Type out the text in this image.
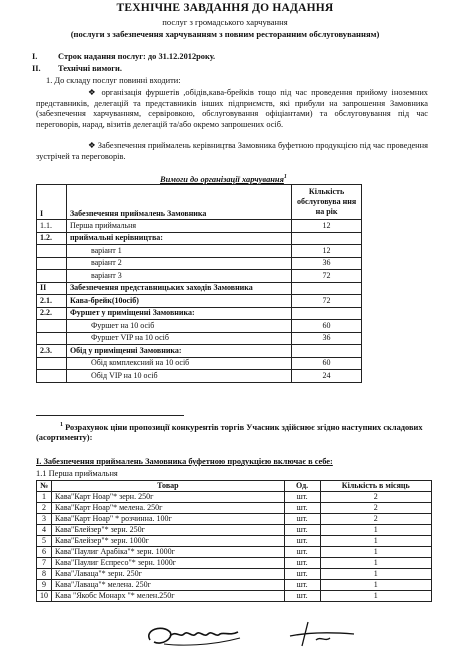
ТЕХНІЧНЕ ЗАВДАННЯ ДО НАДАННЯ
послуг з громадського харчування
(послуги з забезпечення харчуванням з повним ресторанним обслуговуванням)
I. Строк надання послуг: до 31.12.2012року.
II. Технічні вимоги.
1. До складу послуг повинні входити:
❖ організація фуршетів ,обідів,кава-брейків тощо під час проведення прийому іноземних представників, делегацій та представників інших підприємств, які прибули на запрошення Замовника (забезпечення харчуванням, сервіровкою, обслуговування офіціантами) та обслуговування під час переговорів, нарад, візитів делегацій та/або окремо запрошених осіб.
❖ Забезпечення приймалень керівництва Замовника буфетною продукцією під час проведення зустрічей та переговорів.
Вимоги до організації харчування$^1$
I	Забезпечення приймалень Замовника	Кількість обслуговува ння на рік
1.1.	Перша приймальня	12
1.2.	приймальні керівництва:	
	варіант 1	12
	варіант 2	36
	варіант 3	72
II	Забезпечення представницьких заходів Замовника	
2.1.	Кава-брейк(10осіб)	72
2.2.	Фуршет у приміщенні Замовника:	
	Фуршет на 10 осіб	60
	Фуршет VIP на 10 осіб	36
2.3.	Обід у приміщенні Замовника:	
	Обід комплексний на 10 осіб	60
	Обід VIP на 10 осіб	24
$^1$ Розрахунок ціни пропозиції конкурентів торгів Учасник здійснює згідно наступних складових (асортименту):
I. Забезпечення приймалень Замовника буфетною продукцією включає в себе:
1.1 Перша приймальня
№	Товар	Од.	Кількість в місяць
1	Кава"Карт Ноар"* зерн. 250г	шт.	2
2	Кава"Карт Ноар"* мелена. 250г	шт.	2
3	Кава"Карт Ноар" * розчинна. 100г	шт.	2
4	Кава"Блейзер"* зерн. 250г	шт.	1
5	Кава"Блейзер"* зерн. 1000г	шт.	1
6	Кава"Паулиг Арабіка"* зерн. 1000г	шт.	1
7	Кава"Паулиг Еспресо"* зерн. 1000г	шт.	1
8	Кава"Лаваца"* зерн. 250г	шт.	1
9	Кава"Лаваца"* мелена. 250г	шт.	1
10	Кава "Якобс Монарх "* мелен.250г	шт.	1
